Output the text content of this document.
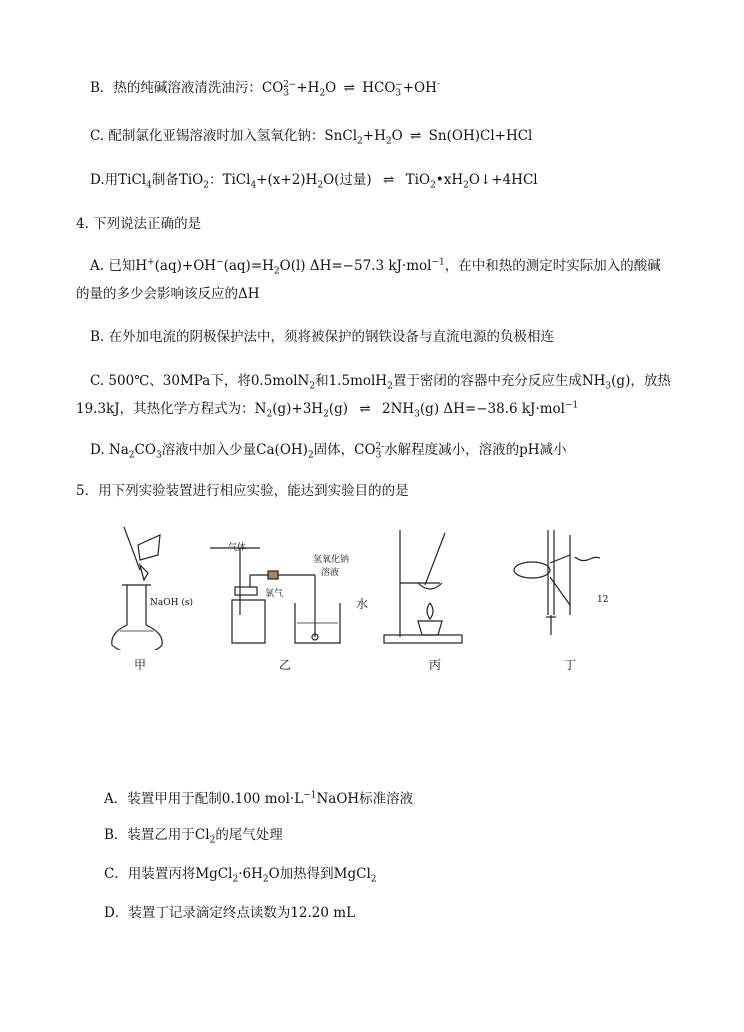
B．热的纯碱溶液清洗油污：$CO_3^{2-}+H_2O$ ⇌ $HCO_3^-+OH^-$
C. 配制氯化亚锡溶液时加入氢氧化钠：$SnCl_2+H_2O$ ⇌ Sn(OH)Cl+HCl
D.用TiCl$_4$制备TiO$_2$：$TiCl_4+(x+2)H_2O$(过量) ⇌ $TiO_2•xH_2O↓+4HCl$
4. 下列说法正确的是
A. 已知$H^+(aq)+OH^-(aq)=H_2O(l)$ ΔH=−57.3 kJ·mol$^{-1}$，在中和热的测定时实际加入的酸碱
的量的多少会影响该反应的ΔH
B. 在外加电流的阴极保护法中，须将被保护的钢铁设备与直流电源的负极相连
C. 500℃、30MPa下，将0.5molN$_2$和1.5molH$_2$置于密闭的容器中充分反应生成$NH_3(g)$，放热
19.3kJ，其热化学方程式为：$N_2(g)+3H_2(g)$ ⇌ $2NH_3(g)$ ΔH=−38.6 kJ·mol$^{-1}$
D. $Na_2CO_3$溶液中加入少量$Ca(OH)_2$固体，$CO_3^{2-}$水解程度减小，溶液的pH减小
5．用下列实验装置进行相应实验，能达到实验目的的是
NaOH (s)
气体
氯气
氢氧化钠
溶液
水	12
甲	乙	丙	丁
A．装置甲用于配制0.100 $mol\cdot L^{-1}NaOH$标准溶液
B．装置乙用于$Cl_2$的尾气处理
C．用装置丙将$MgCl_2\cdot 6H_2O$加热得到MgCl$_2$
D．装置丁记录滴定终点读数为12.20 mL
